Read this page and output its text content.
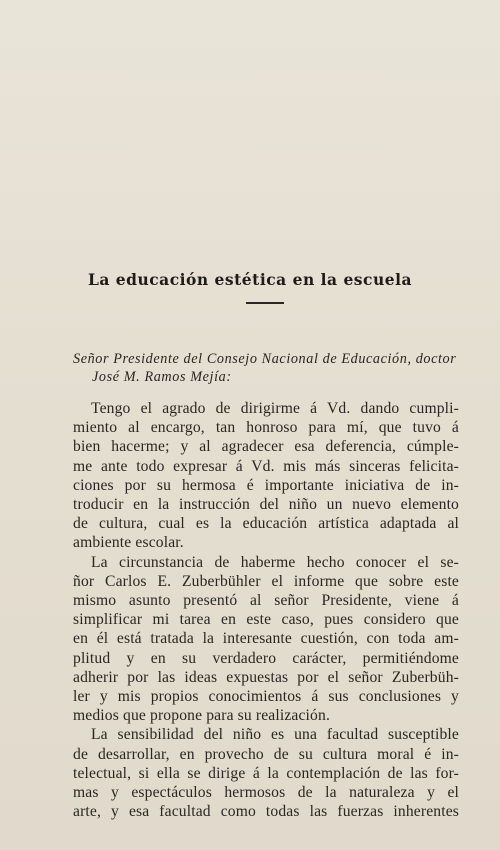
La educación estética en la escuela
Señor Presidente del Consejo Nacional de Educación, doctor
José M. Ramos Mejía:
Tengo el agrado de dirigirme á Vd. dando cumpli-
miento al encargo, tan honroso para mí, que tuvo á
bien hacerme; y al agradecer esa deferencia, cúmple-
me ante todo expresar á Vd. mis más sinceras felicita-
ciones por su hermosa é importante iniciativa de in-
troducir en la instrucción del niño un nuevo elemento
de cultura, cual es la educación artística adaptada al
ambiente escolar.
La circunstancia de haberme hecho conocer el se-
ñor Carlos E. Zuberbühler el informe que sobre este
mismo asunto presentó al señor Presidente, viene á
simplificar mi tarea en este caso, pues considero que
en él está tratada la interesante cuestión, con toda am-
plitud y en su verdadero carácter, permitiéndome
adherir por las ideas expuestas por el señor Zuberbüh-
ler y mis propios conocimientos á sus conclusiones y
medios que propone para su realización.
La sensibilidad del niño es una facultad susceptible
de desarrollar, en provecho de su cultura moral é in-
telectual, si ella se dirige á la contemplación de las for-
mas y espectáculos hermosos de la naturaleza y el
arte, y esa facultad como todas las fuerzas inherentes
